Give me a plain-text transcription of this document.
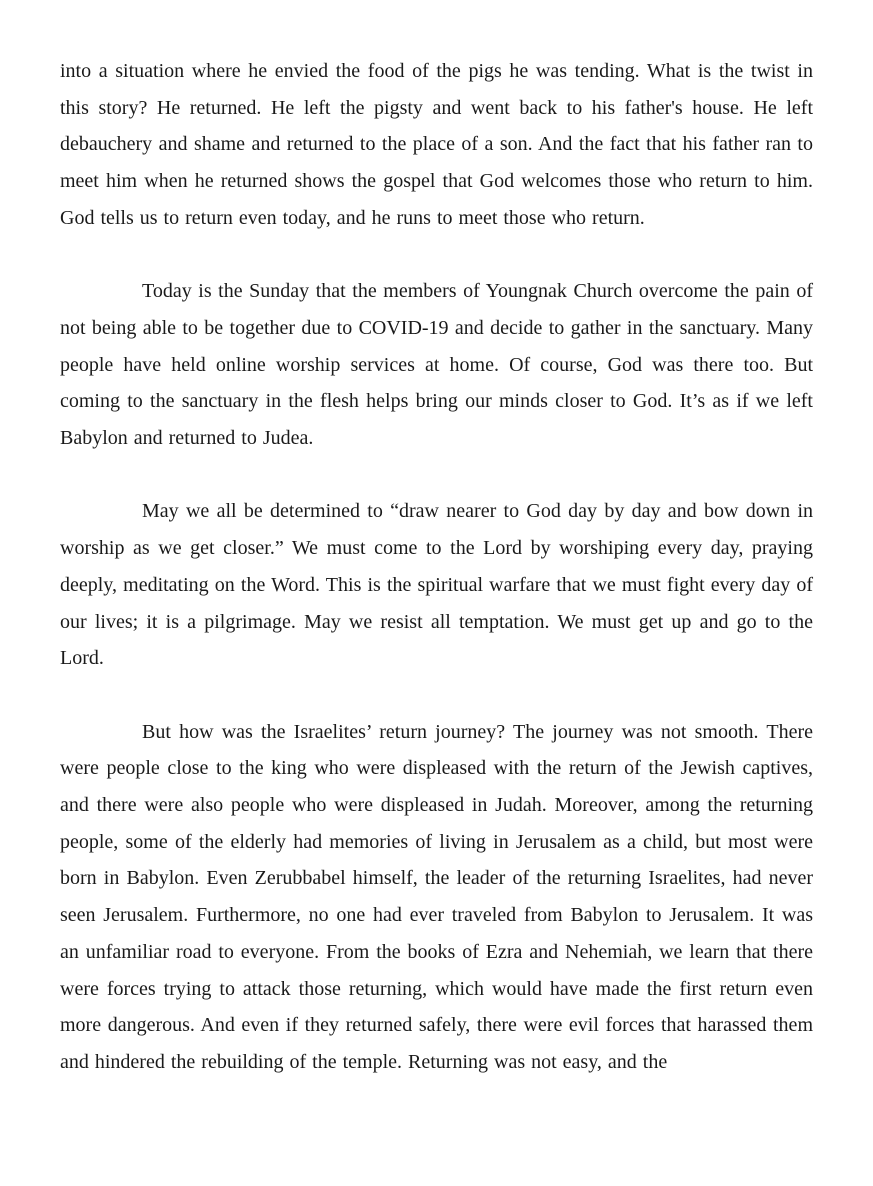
into a situation where he envied the food of the pigs he was tending. What is the twist in this story? He returned. He left the pigsty and went back to his father's house. He left debauchery and shame and returned to the place of a son. And the fact that his father ran to meet him when he returned shows the gospel that God welcomes those who return to him. God tells us to return even today, and he runs to meet those who return.

Today is the Sunday that the members of Youngnak Church overcome the pain of not being able to be together due to COVID-19 and decide to gather in the sanctuary. Many people have held online worship services at home. Of course, God was there too. But coming to the sanctuary in the flesh helps bring our minds closer to God. It’s as if we left Babylon and returned to Judea.

May we all be determined to “draw nearer to God day by day and bow down in worship as we get closer.” We must come to the Lord by worshiping every day, praying deeply, meditating on the Word. This is the spiritual warfare that we must fight every day of our lives; it is a pilgrimage. May we resist all temptation. We must get up and go to the Lord.

But how was the Israelites’ return journey? The journey was not smooth. There were people close to the king who were displeased with the return of the Jewish captives, and there were also people who were displeased in Judah. Moreover, among the returning people, some of the elderly had memories of living in Jerusalem as a child, but most were born in Babylon. Even Zerubbabel himself, the leader of the returning Israelites, had never seen Jerusalem. Furthermore, no one had ever traveled from Babylon to Jerusalem. It was an unfamiliar road to everyone. From the books of Ezra and Nehemiah, we learn that there were forces trying to attack those returning, which would have made the first return even more dangerous. And even if they returned safely, there were evil forces that harassed them and hindered the rebuilding of the temple. Returning was not easy, and the
